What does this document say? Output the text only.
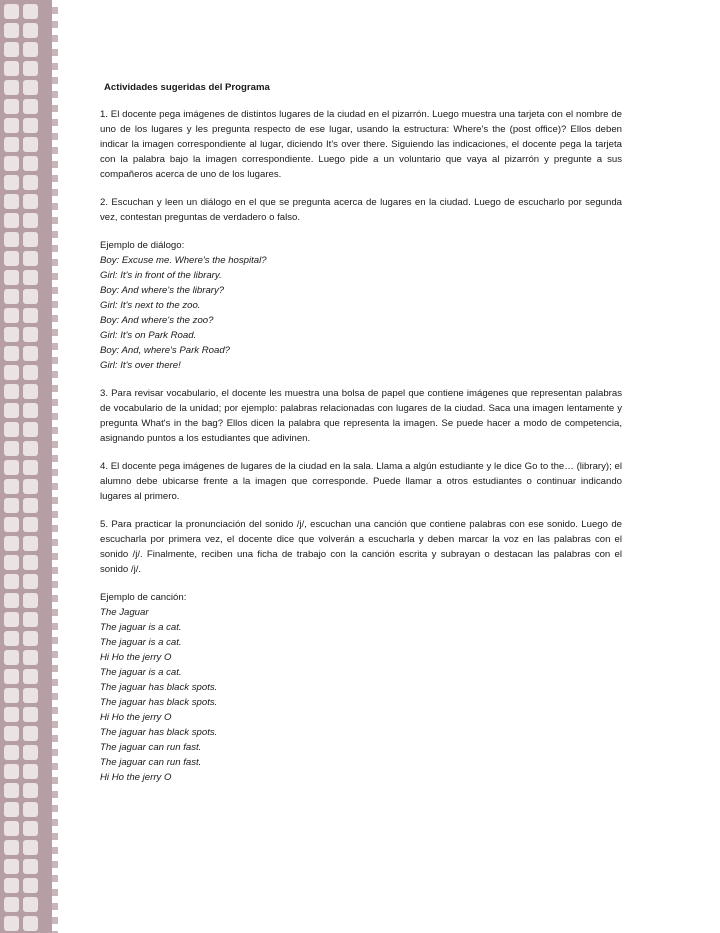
Actividades sugeridas del Programa

1. El docente pega imágenes de distintos lugares de la ciudad en el pizarrón. Luego muestra una tarjeta con el nombre de uno de los lugares y les pregunta respecto de ese lugar, usando la estructura: Where's the (post office)? Ellos deben indicar la imagen correspondiente al lugar, diciendo It's over there. Siguiendo las indicaciones, el docente pega la tarjeta con la palabra bajo la imagen correspondiente. Luego pide a un voluntario que vaya al pizarrón y pregunte a sus compañeros acerca de uno de los lugares.

2. Escuchan y leen un diálogo en el que se pregunta acerca de lugares en la ciudad. Luego de escucharlo por segunda vez, contestan preguntas de verdadero o falso.

Ejemplo de diálogo:
Boy: Excuse me. Where's the hospital?
Girl: It's in front of the library.
Boy: And where's the library?
Girl: It's next to the zoo.
Boy: And where's the zoo?
Girl: It's on Park Road.
Boy: And, where's Park Road?
Girl: It's over there!

3. Para revisar vocabulario, el docente les muestra una bolsa de papel que contiene imágenes que representan palabras de vocabulario de la unidad; por ejemplo: palabras relacionadas con lugares de la ciudad. Saca una imagen lentamente y pregunta What's in the bag? Ellos dicen la palabra que representa la imagen. Se puede hacer a modo de competencia, asignando puntos a los estudiantes que adivinen.

4. El docente pega imágenes de lugares de la ciudad en la sala. Llama a algún estudiante y le dice Go to the… (library); el alumno debe ubicarse frente a la imagen que corresponde. Puede llamar a otros estudiantes o continuar indicando lugares al primero.

5. Para practicar la pronunciación del sonido /j/, escuchan una canción que contiene palabras con ese sonido. Luego de escucharla por primera vez, el docente dice que volverán a escucharla y deben marcar la voz en las palabras con el sonido /j/. Finalmente, reciben una ficha de trabajo con la canción escrita y subrayan o destacan las palabras con el sonido /j/.

Ejemplo de canción:
The Jaguar
The jaguar is a cat.
The jaguar is a cat.
Hi Ho the jerry O
The jaguar is a cat.
The jaguar has black spots.
The jaguar has black spots.
Hi Ho the jerry O
The jaguar has black spots.
The jaguar can run fast.
The jaguar can run fast.
Hi Ho the jerry O
